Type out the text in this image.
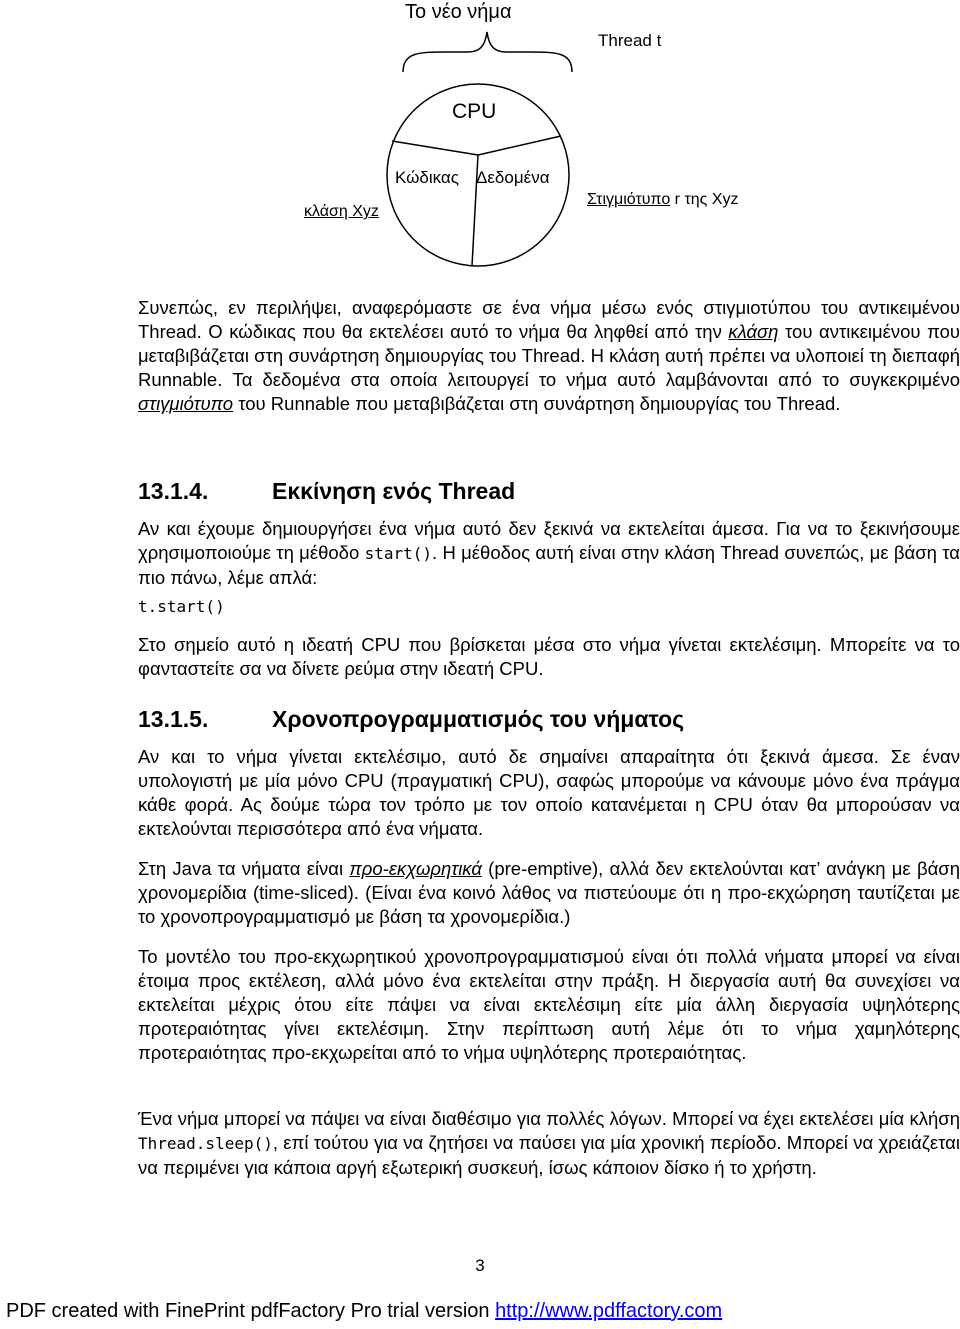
Το νέο νήμα
Thread t
CPU
Κώδικας Δεδομένα
κλάση Xyz
Στιγμιότυπο r της Xyz

Συνεπώς, εν περιλήψει, αναφερόμαστε σε ένα νήμα μέσω ενός στιγμιοτύπου του αντικειμένου Thread. Ο κώδικας που θα εκτελέσει αυτό το νήμα θα ληφθεί από την κλάση του αντικειμένου που μεταβιβάζεται στη συνάρτηση δημιουργίας του Thread. Η κλάση αυτή πρέπει να υλοποιεί τη διεπαφή Runnable. Τα δεδομένα στα οποία λειτουργεί το νήμα αυτό λαμβάνονται από το συγκεκριμένο στιγμιότυπο του Runnable που μεταβιβάζεται στη συνάρτηση δημιουργίας του Thread.

13.1.4.	Εκκίνηση ενός Thread

Αν και έχουμε δημιουργήσει ένα νήμα αυτό δεν ξεκινά να εκτελείται άμεσα. Για να το ξεκινήσουμε χρησιμοποιούμε τη μέθοδο start(). Η μέθοδος αυτή είναι στην κλάση Thread συνεπώς, με βάση τα πιο πάνω, λέμε απλά:

t.start()

Στο σημείο αυτό η ιδεατή CPU που βρίσκεται μέσα στο νήμα γίνεται εκτελέσιμη. Μπορείτε να το φανταστείτε σα να δίνετε ρεύμα στην ιδεατή CPU.

13.1.5.	Χρονοπρογραμματισμός του νήματος

Αν και το νήμα γίνεται εκτελέσιμο, αυτό δε σημαίνει απαραίτητα ότι ξεκινά άμεσα. Σε έναν υπολογιστή με μία μόνο CPU (πραγματική CPU), σαφώς μπορούμε να κάνουμε μόνο ένα πράγμα κάθε φορά. Ας δούμε τώρα τον τρόπο με τον οποίο κατανέμεται η CPU όταν θα μπορούσαν να εκτελούνται περισσότερα από ένα νήματα.

Στη Java τα νήματα είναι προ-εκχωρητικά (pre-emptive), αλλά δεν εκτελούνται κατ’ ανάγκη με βάση χρονομερίδια (time-sliced). (Είναι ένα κοινό λάθος να πιστεύουμε ότι η προ-εκχώρηση ταυτίζεται με το χρονοπρογραμματισμό με βάση τα χρονομερίδια.)

Το μοντέλο του προ-εκχωρητικού χρονοπρογραμματισμού είναι ότι πολλά νήματα μπορεί να είναι έτοιμα προς εκτέλεση, αλλά μόνο ένα εκτελείται στην πράξη. Η διεργασία αυτή θα συνεχίσει να εκτελείται μέχρις ότου είτε πάψει να είναι εκτελέσιμη είτε μία άλλη διεργασία υψηλότερης προτεραιότητας γίνει εκτελέσιμη. Στην περίπτωση αυτή λέμε ότι το νήμα χαμηλότερης προτεραιότητας προ-εκχωρείται από το νήμα υψηλότερης προτεραιότητας.

Ένα νήμα μπορεί να πάψει να είναι διαθέσιμο για πολλές λόγων. Μπορεί να έχει εκτελέσει μία κλήση Thread.sleep(), επί τούτου για να ζητήσει να παύσει για μία χρονική περίοδο. Μπορεί να χρειάζεται να περιμένει για κάποια αργή εξωτερική συσκευή, ίσως κάποιον δίσκο ή το χρήστη.

3
PDF created with FinePrint pdfFactory Pro trial version http://www.pdffactory.com
